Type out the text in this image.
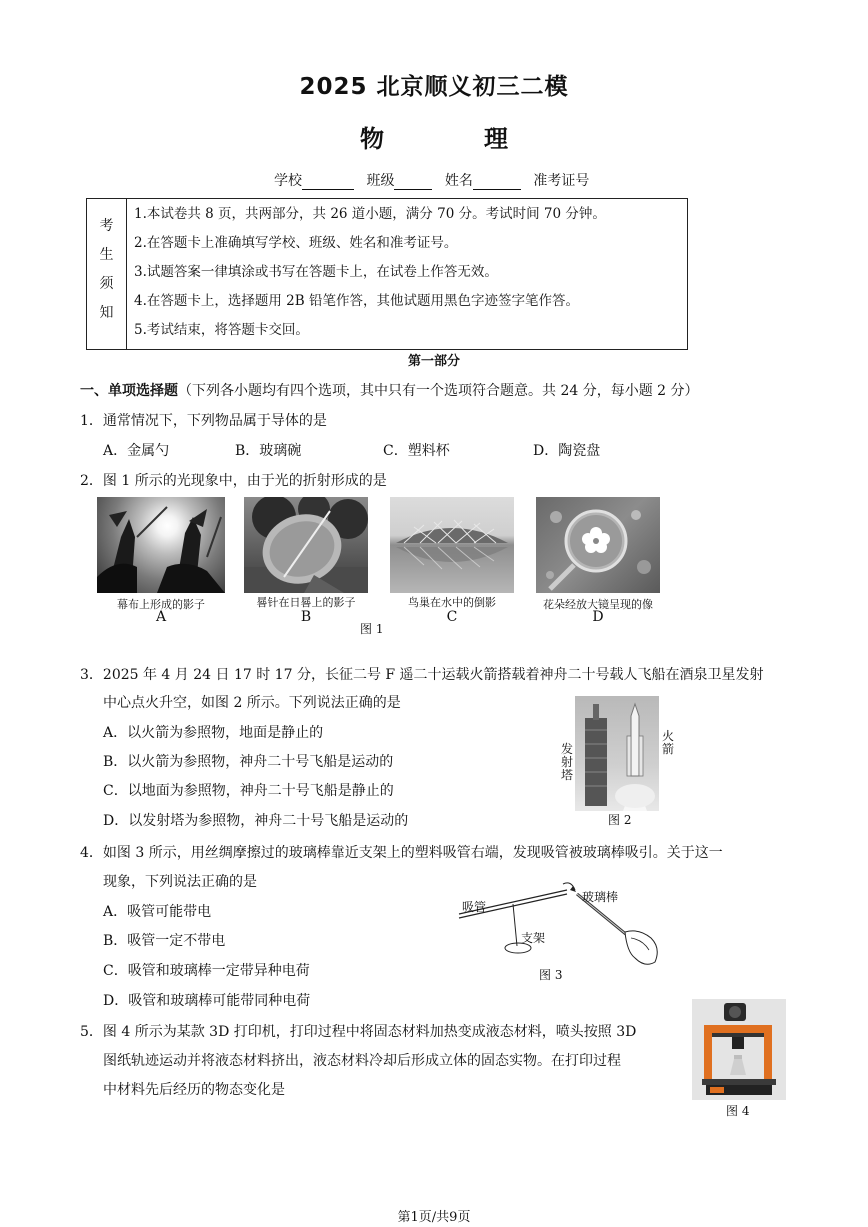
2025 北京顺义初三二模
物　理
学校	班级	姓名	准考证号
考
生
须
知
1.本试卷共 8 页，共两部分，共 26 道小题，满分 70 分。考试时间 70 分钟。
2.在答题卡上准确填写学校、班级、姓名和准考证号。
3.试题答案一律填涂或书写在答题卡上，在试卷上作答无效。
4.在答题卡上，选择题用 2B 铅笔作答，其他试题用黑色字迹签字笔作答。
5.考试结束，将答题卡交回。
第一部分
一、单项选择题（下列各小题均有四个选项，其中只有一个选项符合题意。共 24 分，每小题 2 分）
1．通常情况下，下列物品属于导体的是
A．金属勺	B．玻璃碗	C．塑料杯	D．陶瓷盘
2．图 1 所示的光现象中，由于光的折射形成的是
幕布上形成的影子	晷针在日晷上的影子	鸟巢在水中的倒影	花朵经放大镜呈现的像
A	B	C	D
图 1
3．2025 年 4 月 24 日 17 时 17 分，长征二号 F 遥二十运载火箭搭载着神舟二十号载人飞船在酒泉卫星发射
中心点火升空，如图 2 所示。下列说法正确的是
A．以火箭为参照物，地面是静止的
B．以火箭为参照物，神舟二十号飞船是运动的
C．以地面为参照物，神舟二十号飞船是静止的
D．以发射塔为参照物，神舟二十号飞船是运动的
发
射
塔
火
箭
图 2
4．如图 3 所示，用丝绸摩擦过的玻璃棒靠近支架上的塑料吸管右端，发现吸管被玻璃棒吸引。关于这一
现象，下列说法正确的是
A．吸管可能带电
B．吸管一定不带电
C．吸管和玻璃棒一定带异种电荷
D．吸管和玻璃棒可能带同种电荷
吸管
玻璃棒
支架
图 3
5．图 4 所示为某款 3D 打印机，打印过程中将固态材料加热变成液态材料，喷头按照 3D
图纸轨迹运动并将液态材料挤出，液态材料冷却后形成立体的固态实物。在打印过程
中材料先后经历的物态变化是
图 4
第1页/共9页
